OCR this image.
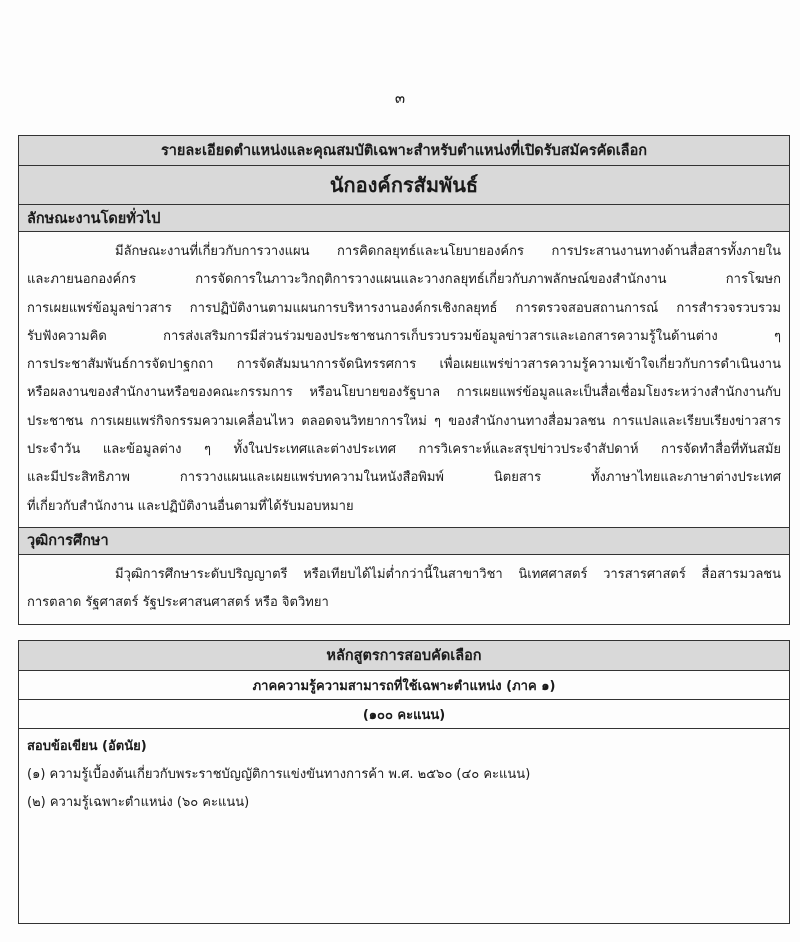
๓
รายละเอียดตำแหน่งและคุณสมบัติเฉพาะสำหรับตำแหน่งที่เปิดรับสมัครคัดเลือก
นักองค์กรสัมพันธ์
ลักษณะงานโดยทั่วไป

มีลักษณะงานที่เกี่ยวกับการวางแผน การคิดกลยุทธ์และนโยบายองค์กร การประสานงานทางด้านสื่อสารทั้งภายใน
และภายนอกองค์กร การจัดการในภาวะวิกฤติการวางแผนและวางกลยุทธ์เกี่ยวกับภาพลักษณ์ของสำนักงาน การโฆษก
การเผยแพร่ข้อมูลข่าวสาร การปฏิบัติงานตามแผนการบริหารงานองค์กรเชิงกลยุทธ์ การตรวจสอบสถานการณ์ การสำรวจรวบรวม
รับฟังความคิด การส่งเสริมการมีส่วนร่วมของประชาชนการเก็บรวบรวมข้อมูลข่าวสารและเอกสารความรู้ในด้านต่าง ๆ
การประชาสัมพันธ์การจัดปาฐกถา การจัดสัมมนาการจัดนิทรรศการ เพื่อเผยแพร่ข่าวสารความรู้ความเข้าใจเกี่ยวกับการดำเนินงาน
หรือผลงานของสำนักงานหรือของคณะกรรมการ หรือนโยบายของรัฐบาล การเผยแพร่ข้อมูลและเป็นสื่อเชื่อมโยงระหว่างสำนักงานกับ
ประชาชน การเผยแพร่กิจกรรมความเคลื่อนไหว ตลอดจนวิทยาการใหม่ ๆ ของสำนักงานทางสื่อมวลชน การแปลและเรียบเรียงข่าวสาร
ประจำวัน และข้อมูลต่าง ๆ ทั้งในประเทศและต่างประเทศ การวิเคราะห์และสรุปข่าวประจำสัปดาห์ การจัดทำสื่อที่ทันสมัย
และมีประสิทธิภาพ การวางแผนและเผยแพร่บทความในหนังสือพิมพ์ นิตยสาร ทั้งภาษาไทยและภาษาต่างประเทศ
ที่เกี่ยวกับสำนักงาน และปฏิบัติงานอื่นตามที่ได้รับมอบหมาย

วุฒิการศึกษา

มีวุฒิการศึกษาระดับปริญญาตรี หรือเทียบได้ไม่ต่ำกว่านี้ในสาขาวิชา นิเทศศาสตร์ วารสารศาสตร์ สื่อสารมวลชน
การตลาด รัฐศาสตร์ รัฐประศาสนศาสตร์ หรือ จิตวิทยา
หลักสูตรการสอบคัดเลือก
ภาคความรู้ความสามารถที่ใช้เฉพาะตำแหน่ง (ภาค ๑)
(๑๐๐ คะแนน)

สอบข้อเขียน (อัตนัย)
(๑) ความรู้เบื้องต้นเกี่ยวกับพระราชบัญญัติการแข่งขันทางการค้า พ.ศ. ๒๕๖๐ (๔๐ คะแนน)
(๒) ความรู้เฉพาะตำแหน่ง (๖๐ คะแนน)
